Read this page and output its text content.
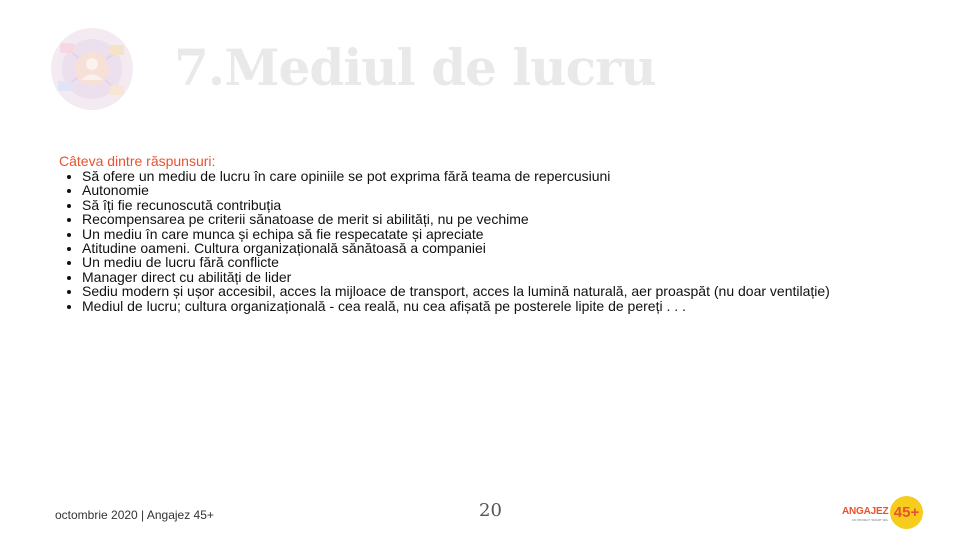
7.Mediul de lucru
Câteva dintre răspunsuri:
• Să ofere un mediu de lucru în care opiniile se pot exprima fără teama de repercusiuni
• Autonomie
• Să îți fie recunoscută contribuția
• Recompensarea pe criterii sănatoase de merit si abilități, nu pe vechime
• Un mediu în care munca și echipa să fie respecatate și apreciate
• Atitudine oameni. Cultura organizațională sănătoasă a companiei
• Un mediu de lucru fără conflicte
• Manager direct cu abilități de lider
• Sediu modern și ușor accesibil, acces la mijloace de transport, acces la lumină naturală, aer proaspăt (nu doar ventilație)
• Mediul de lucru; cultura organizațională - cea reală, nu cea afișată pe posterele lipite de pereți . . .
octombrie 2020 | Angajez 45+	20	ANGAJEZ
UN PROIECT SMART SRL 45+
